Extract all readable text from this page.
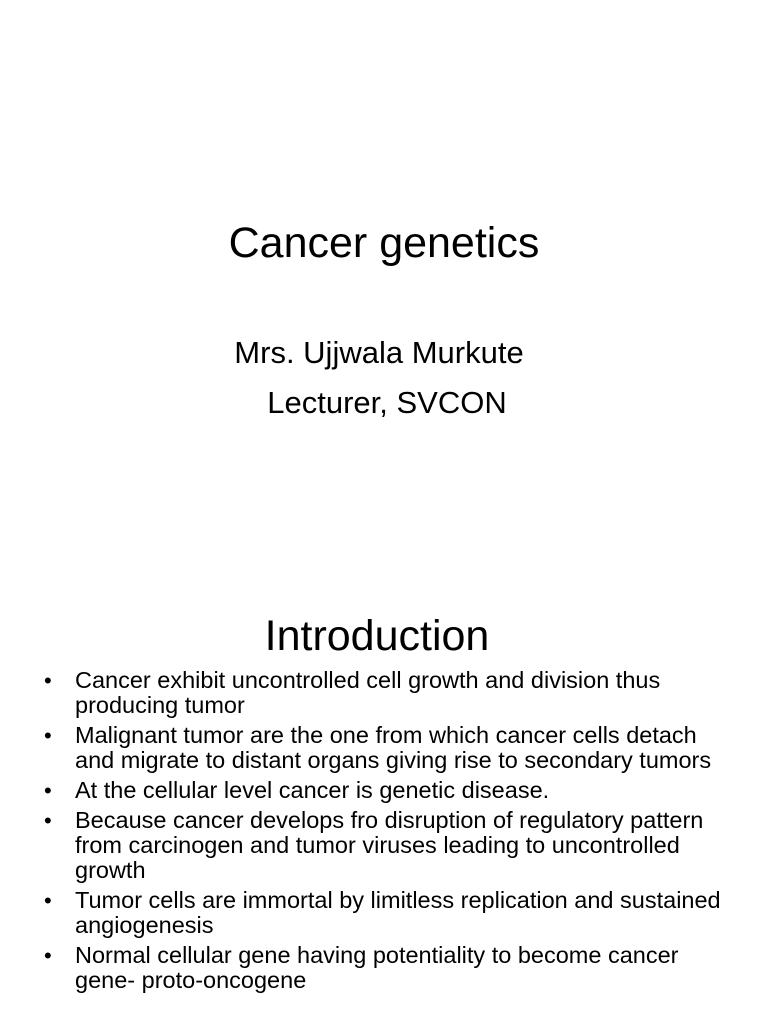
Cancer genetics
Mrs. Ujjwala Murkute
Lecturer, SVCON
Introduction
• Cancer exhibit uncontrolled cell growth and division thus producing tumor
• Malignant tumor are the one from which cancer cells detach and migrate to distant organs giving rise to secondary tumors
• At the cellular level cancer is genetic disease.
• Because cancer develops fro disruption of regulatory pattern from carcinogen and tumor viruses leading to uncontrolled growth
• Tumor cells are immortal by limitless replication and sustained angiogenesis
• Normal cellular gene having potentiality to become cancer gene- proto-oncogene
